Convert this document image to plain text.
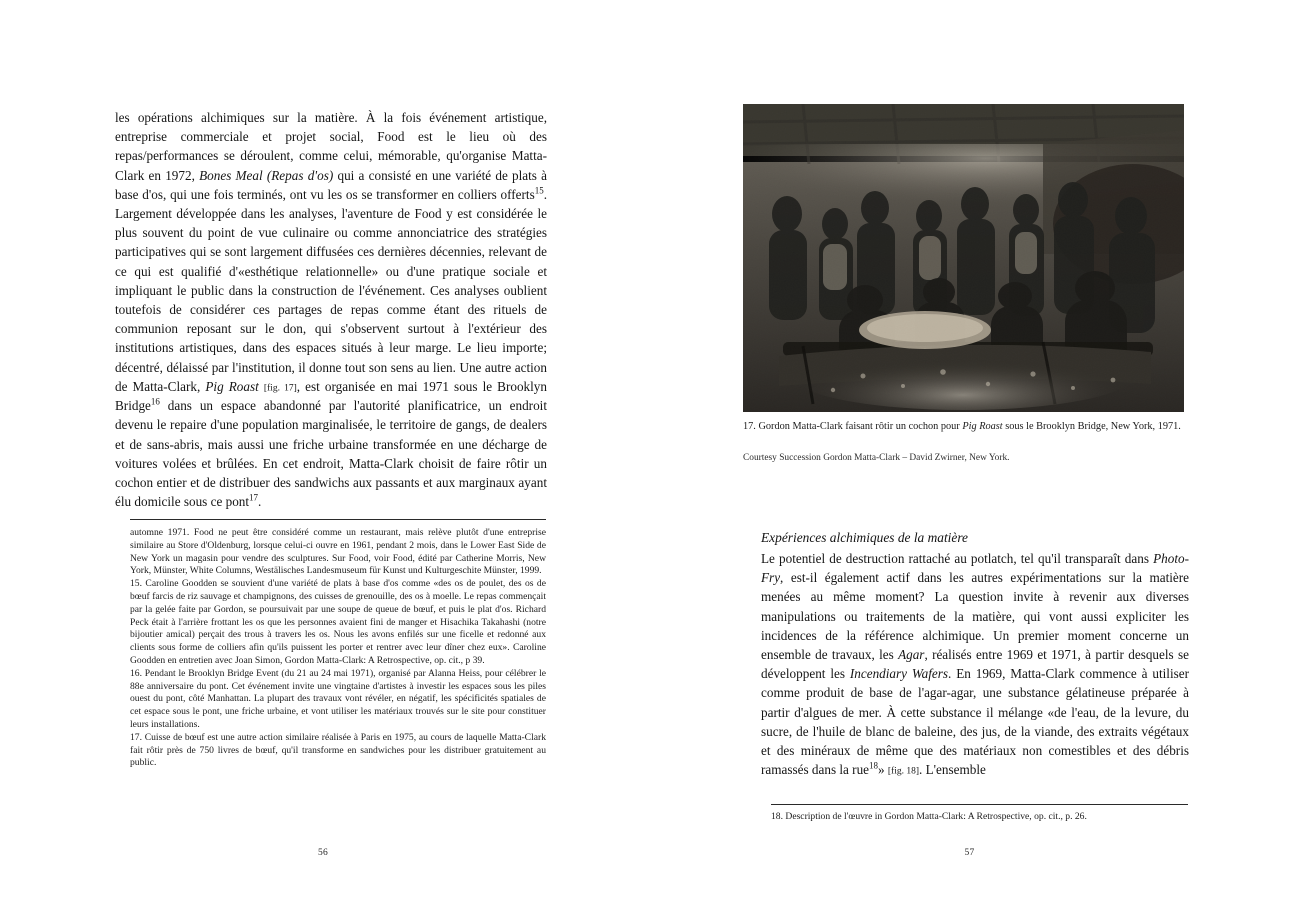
les opérations alchimiques sur la matière. À la fois événement artistique, entreprise commerciale et projet social, Food est le lieu où des repas/performances se déroulent, comme celui, mémorable, qu'organise Matta-Clark en 1972, Bones Meal (Repas d'os) qui a consisté en une variété de plats à base d'os, qui une fois terminés, ont vu les os se transformer en colliers offerts$^{15}$. Largement développée dans les analyses, l'aventure de Food y est considérée le plus souvent du point de vue culinaire ou comme annonciatrice des stratégies participatives qui se sont largement diffusées ces dernières décennies, relevant de ce qui est qualifié d'«esthétique relationnelle» ou d'une pratique sociale et impliquant le public dans la construction de l'événement. Ces analyses oublient toutefois de considérer ces partages de repas comme étant des rituels de communion reposant sur le don, qui s'observent surtout à l'extérieur des institutions artistiques, dans des espaces situés à leur marge. Le lieu importe; décentré, délaissé par l'institution, il donne tout son sens au lien. Une autre action de Matta-Clark, Pig Roast [fig. 17], est organisée en mai 1971 sous le Brooklyn Bridge$^{16}$ dans un espace abandonné par l'autorité planificatrice, un endroit devenu le repaire d'une population marginalisée, le territoire de gangs, de dealers et de sans-abris, mais aussi une friche urbaine transformée en une décharge de voitures volées et brûlées. En cet endroit, Matta-Clark choisit de faire rôtir un cochon entier et de distribuer des sandwichs aux passants et aux marginaux ayant élu domicile sous ce pont$^{17}$.

automne 1971. Food ne peut être considéré comme un restaurant, mais relève plutôt d'une entreprise similaire au Store d'Oldenburg, lorsque celui-ci ouvre en 1961, pendant 2 mois, dans le Lower East Side de New York un magasin pour vendre des sculptures. Sur Food, voir Food, édité par Catherine Morris, New York, Münster, White Columns, Westälisches Landesmuseum für Kunst und Kulturgeschite Münster, 1999.

15. Caroline Goodden se souvient d'une variété de plats à base d'os comme «des os de poulet, des os de bœuf farcis de riz sauvage et champignons, des cuisses de grenouille, des os à moelle. Le repas commençait par la gelée faite par Gordon, se poursuivait par une soupe de queue de bœuf, et puis le plat d'os. Richard Peck était à l'arrière frottant les os que les personnes avaient fini de manger et Hisachika Takahashi (notre bijoutier amical) perçait des trous à travers les os. Nous les avons enfilés sur une ficelle et redonné aux clients sous forme de colliers afin qu'ils puissent les porter et rentrer avec leur dîner chez eux». Caroline Goodden en entretien avec Joan Simon, Gordon Matta-Clark: A Retrospective, op. cit., p 39.

16. Pendant le Brooklyn Bridge Event (du 21 au 24 mai 1971), organisé par Alanna Heiss, pour célébrer le 88e anniversaire du pont. Cet événement invite une vingtaine d'artistes à investir les espaces sous les piles ouest du pont, côté Manhattan. La plupart des travaux vont révéler, en négatif, les spécificités spatiales de cet espace sous le pont, une friche urbaine, et vont utiliser les matériaux trouvés sur le site pour constituer leurs installations.

17. Cuisse de bœuf est une autre action similaire réalisée à Paris en 1975, au cours de laquelle Matta-Clark fait rôtir près de 750 livres de bœuf, qu'il transforme en sandwiches pour les distribuer gratuitement au public.

56
17. Gordon Matta-Clark faisant rôtir un cochon pour Pig Roast sous le Brooklyn Bridge, New York, 1971.
Courtesy Succession Gordon Matta-Clark – David Zwirner, New York.
Expériences alchimiques de la matière

Le potentiel de destruction rattaché au potlatch, tel qu'il transparaît dans Photo-Fry, est-il également actif dans les autres expérimentations sur la matière menées au même moment? La question invite à revenir aux diverses manipulations ou traitements de la matière, qui vont aussi expliciter les incidences de la référence alchimique. Un premier moment concerne un ensemble de travaux, les Agar, réalisés entre 1969 et 1971, à partir desquels se développent les Incendiary Wafers. En 1969, Matta-Clark commence à utiliser comme produit de base de l'agar-agar, une substance gélatineuse préparée à partir d'algues de mer. À cette substance il mélange «de l'eau, de la levure, du sucre, de l'huile de blanc de baleine, des jus, de la viande, des extraits végétaux et des minéraux de même que des matériaux non comestibles et des débris ramassés dans la rue$^{18}$» [fig. 18]. L'ensemble

18. Description de l'œuvre in Gordon Matta-Clark: A Retrospective, op. cit., p. 26.
57
